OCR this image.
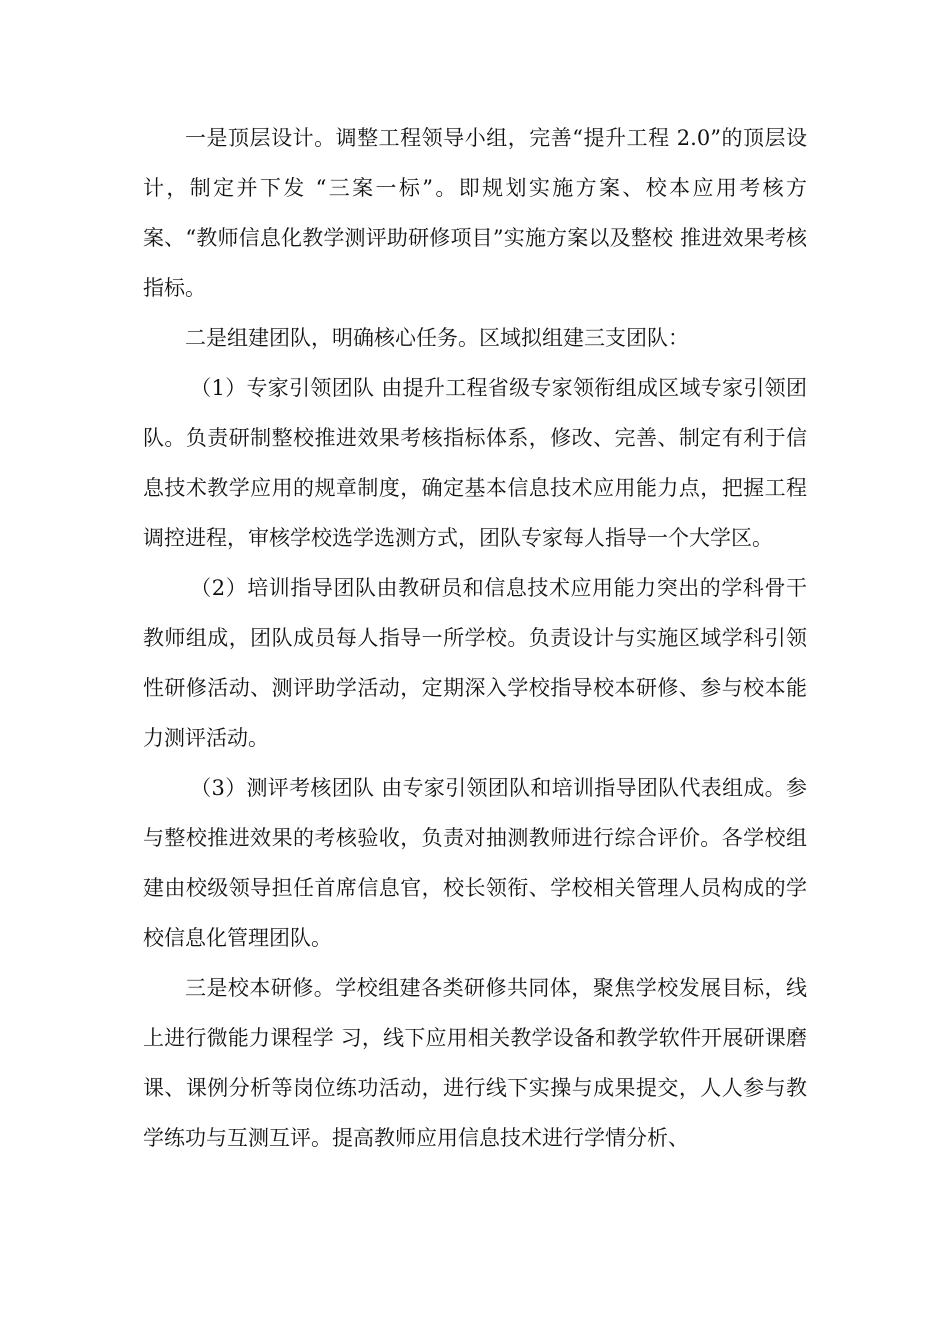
一是顶层设计。调整工程领导小组，完善“提升工程 2.0”的顶层设计，制定并下发 “三案一标”。即规划实施方案、校本应用考核方案、“教师信息化教学测评助研修项目”实施方案以及整校 推进效果考核指标。

二是组建团队，明确核心任务。区域拟组建三支团队：

（1）专家引领团队 由提升工程省级专家领衔组成区域专家引领团队。负责研制整校推进效果考核指标体系，修改、完善、制定有利于信息技术教学应用的规章制度，确定基本信息技术应用能力点，把握工程调控进程，审核学校选学选测方式，团队专家每人指导一个大学区。

（2）培训指导团队由教研员和信息技术应用能力突出的学科骨干教师组成，团队成员每人指导一所学校。负责设计与实施区域学科引领性研修活动、测评助学活动，定期深入学校指导校本研修、参与校本能力测评活动。

（3）测评考核团队 由专家引领团队和培训指导团队代表组成。参与整校推进效果的考核验收，负责对抽测教师进行综合评价。各学校组建由校级领导担任首席信息官，校长领衔、学校相关管理人员构成的学校信息化管理团队。

三是校本研修。学校组建各类研修共同体，聚焦学校发展目标，线上进行微能力课程学 习，线下应用相关教学设备和教学软件开展研课磨课、课例分析等岗位练功活动，进行线下实操与成果提交，人人参与教学练功与互测互评。提高教师应用信息技术进行学情分析、
